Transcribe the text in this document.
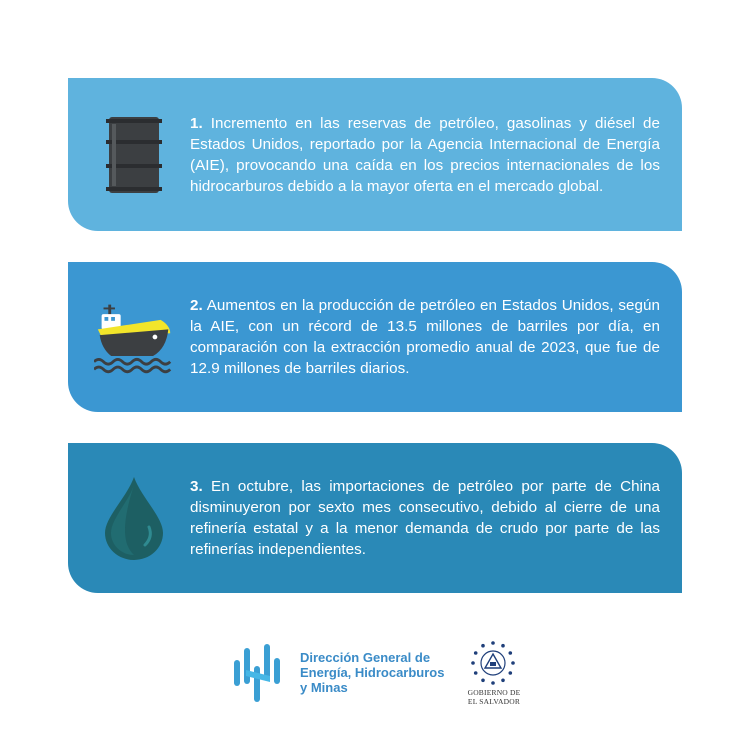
1. Incremento en las reservas de petróleo, gasolinas y diésel de Estados Unidos, reportado por la Agencia Internacional de Energía (AIE), provocando una caída en los precios internacionales de los hidrocarburos debido a la mayor oferta en el mercado global.
2. Aumentos en la producción de petróleo en Estados Unidos, según la AIE, con un récord de 13.5 millones de barriles por día, en comparación con la extracción promedio anual de 2023, que fue de 12.9 millones de barriles diarios.
3. En octubre, las importaciones de petróleo por parte de China disminuyeron por sexto mes consecutivo, debido al cierre de una refinería estatal y a la menor demanda de crudo por parte de las refinerías independientes.
Dirección General de
Energía, Hidrocarburos
y Minas	GOBIERNO DE
EL SALVADOR
